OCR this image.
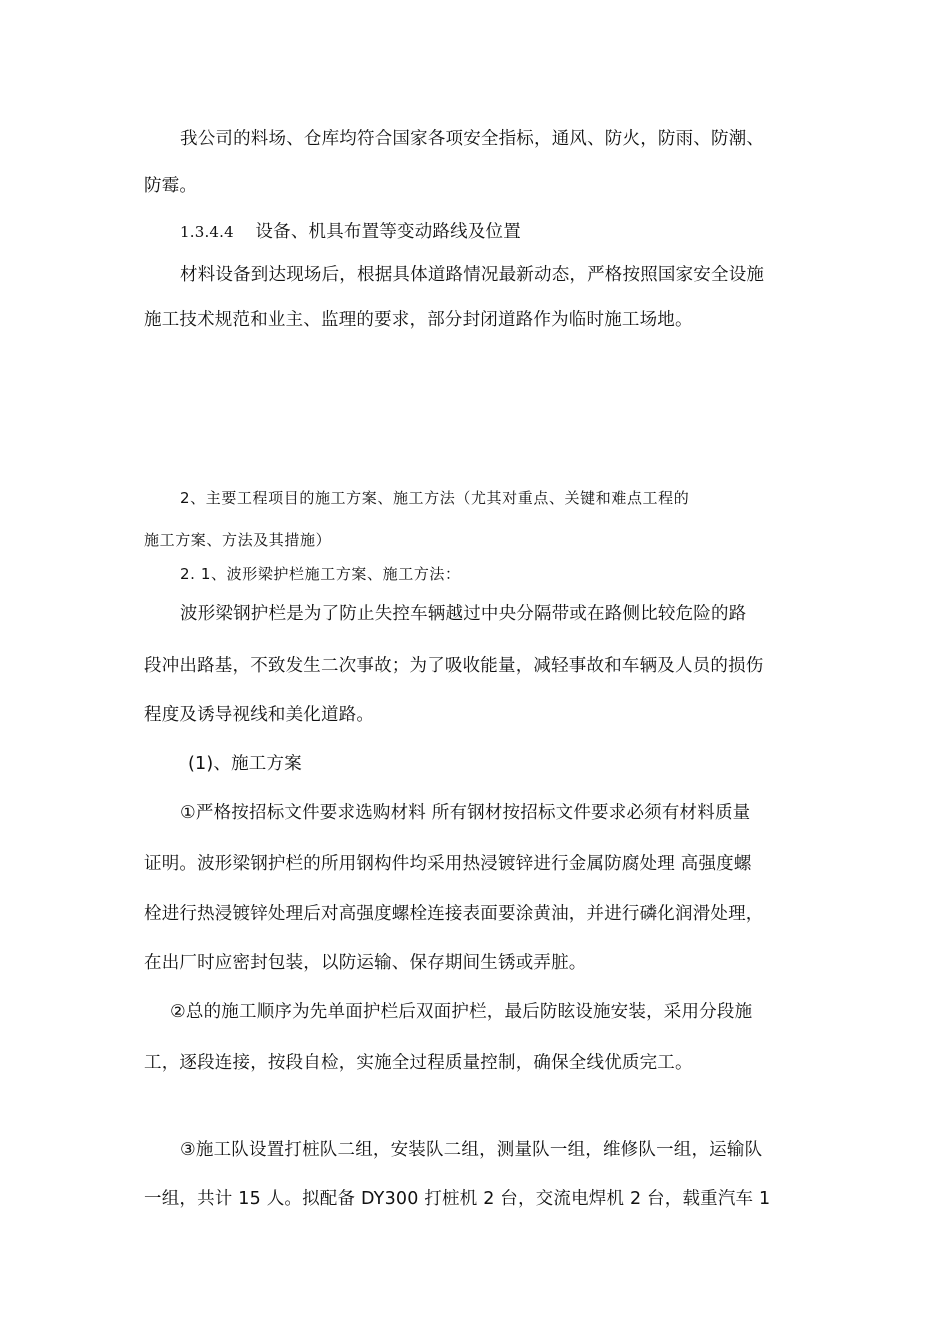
我公司的料场、仓库均符合国家各项安全指标，通风、防火，防雨、防潮、
防霉。
1.3.4.4 设备、机具布置等变动路线及位置
材料设备到达现场后，根据具体道路情况最新动态，严格按照国家安全设施
施工技术规范和业主、监理的要求，部分封闭道路作为临时施工场地。
2、主要工程项目的施工方案、施工方法（尤其对重点、关键和难点工程的
施工方案、方法及其措施）
2. 1、波形梁护栏施工方案、施工方法：
波形梁钢护栏是为了防止失控车辆越过中央分隔带或在路侧比较危险的路
段冲出路基，不致发生二次事故；为了吸收能量，减轻事故和车辆及人员的损伤
程度及诱导视线和美化道路。
(1)、施工方案
①严格按招标文件要求选购材料 所有钢材按招标文件要求必须有材料质量
证明。波形梁钢护栏的所用钢构件均采用热浸镀锌进行金属防腐处理 高强度螺
栓进行热浸镀锌处理后对高强度螺栓连接表面要涂黄油，并进行磷化润滑处理，
在出厂时应密封包装，以防运输、保存期间生锈或弄脏。
②总的施工顺序为先单面护栏后双面护栏，最后防眩设施安装，采用分段施
工，逐段连接，按段自检，实施全过程质量控制，确保全线优质完工。
③施工队设置打桩队二组，安装队二组，测量队一组，维修队一组，运输队
一组，共计 15 人。拟配备 DY300 打桩机 2 台，交流电焊机 2 台，载重汽车 1
